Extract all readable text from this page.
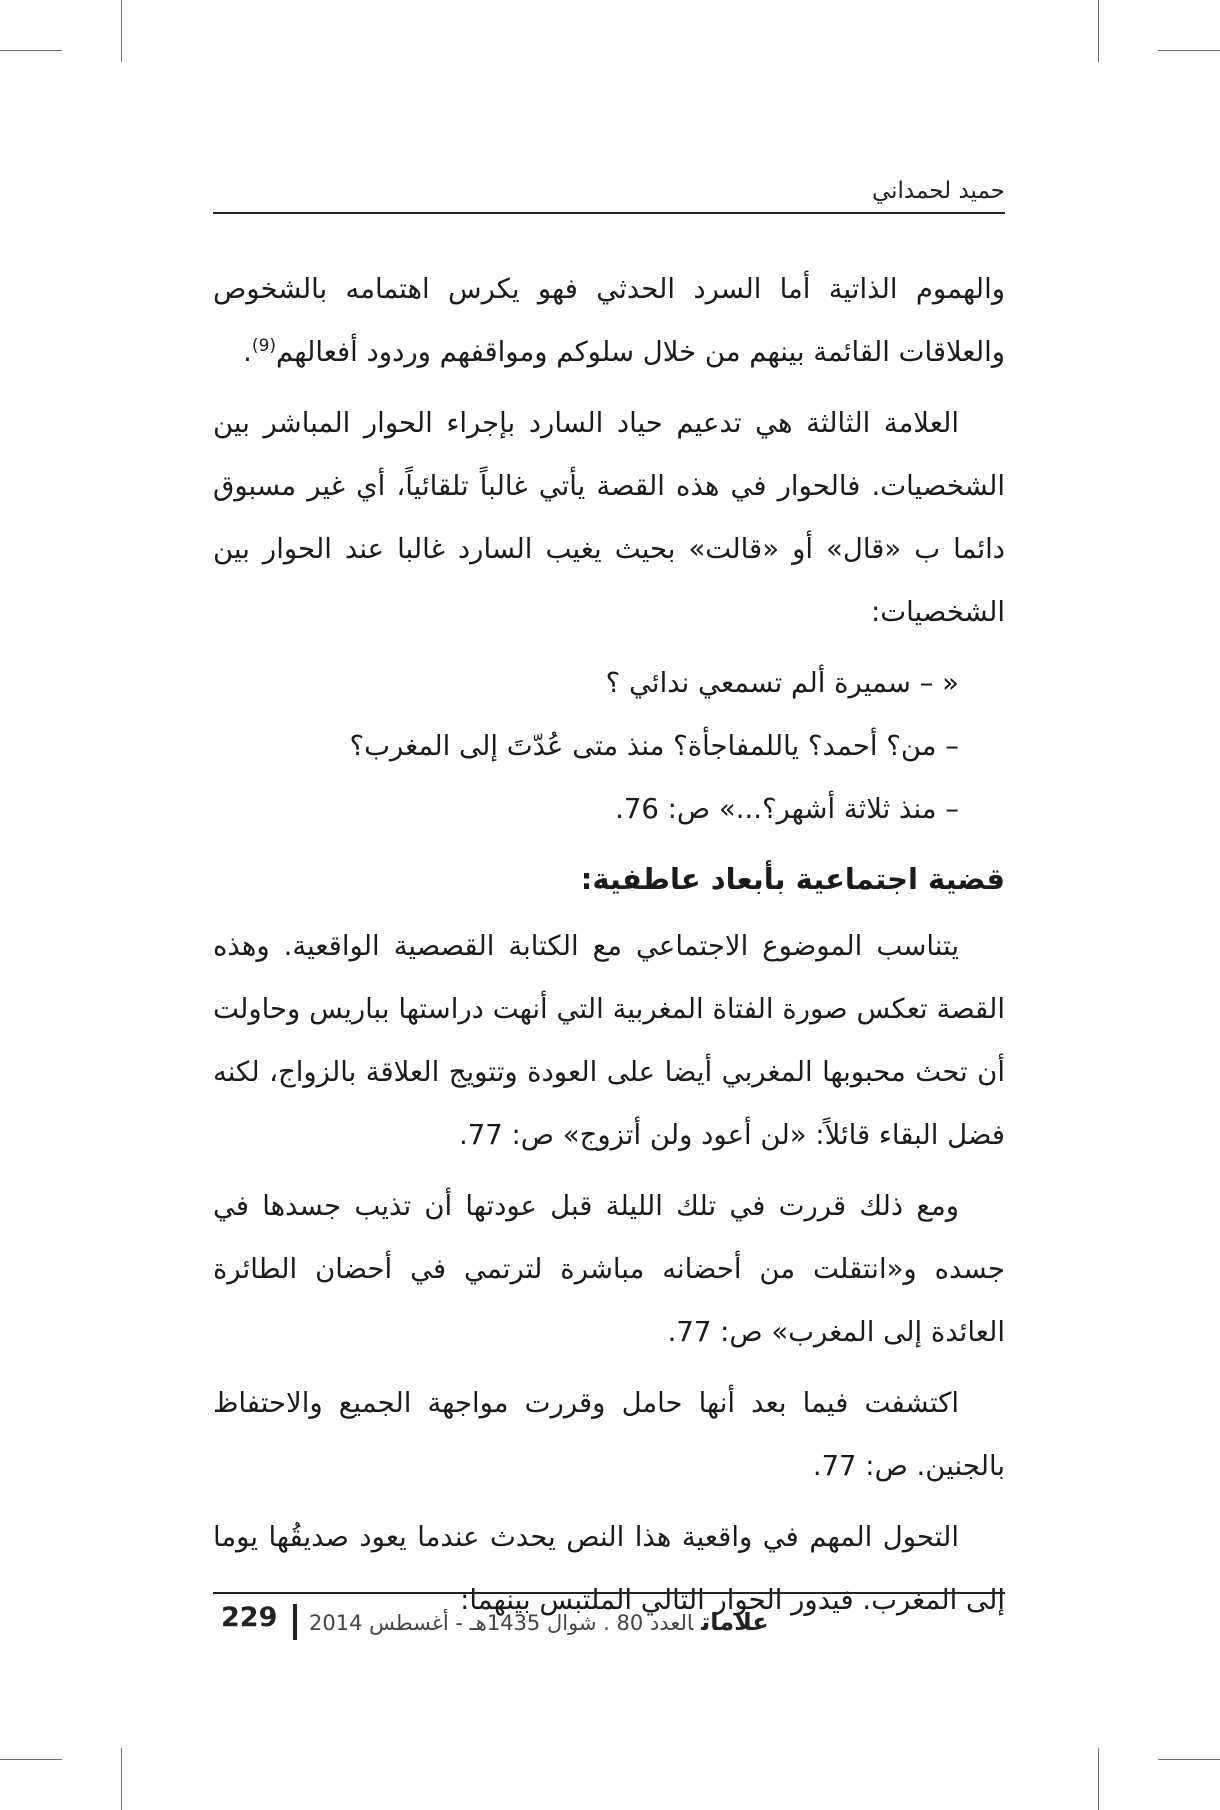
حميد لحمداني

والهموم الذاتية أما السرد الحدثي فهو يكرس اهتمامه بالشخوص والعلاقات القائمة بينهم من خلال سلوكم ومواقفهم وردود أفعالهم$^{(9)}$.

العلامة الثالثة هي تدعيم حياد السارد بإجراء الحوار المباشر بين الشخصيات. فالحوار في هذه القصة يأتي غالباً تلقائياً، أي غير مسبوق دائما ب «قال» أو «قالت» بحيث يغيب السارد غالبا عند الحوار بين الشخصيات:

« – سميرة ألم تسمعي ندائي ؟

– من؟ أحمد؟ ياللمفاجأة؟ منذ متى عُدّتَ إلى المغرب؟

– منذ ثلاثة أشهر؟...» ص: 76.

قضية اجتماعية بأبعاد عاطفية:

يتناسب الموضوع الاجتماعي مع الكتابة القصصية الواقعية. وهذه القصة تعكس صورة الفتاة المغربية التي أنهت دراستها بباريس وحاولت أن تحث محبوبها المغربي أيضا على العودة وتتويج العلاقة بالزواج، لكنه فضل البقاء قائلاً: «لن أعود ولن أتزوج» ص: 77.

ومع ذلك قررت في تلك الليلة قبل عودتها أن تذيب جسدها في جسده و«انتقلت من أحضانه مباشرة لترتمي في أحضان الطائرة العائدة إلى المغرب» ص: 77.

اكتشفت فيما بعد أنها حامل وقررت مواجهة الجميع والاحتفاظ بالجنين. ص: 77.

التحول المهم في واقعية هذا النص يحدث عندما يعود صديقُها يوما إلى المغرب. فيدور الحوار التالي الملتبس بينهما:

229	علاماتالعدد 80 . شوال 1435هـ - أغسطس 2014
